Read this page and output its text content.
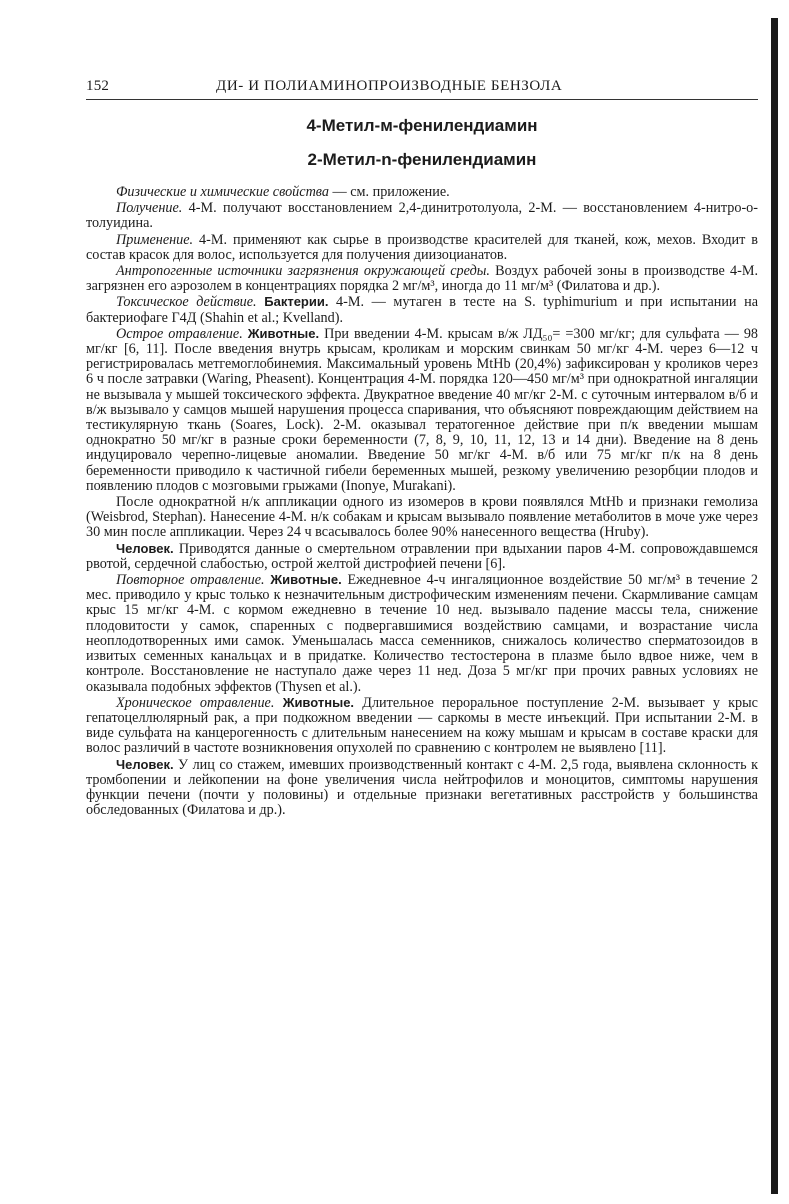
152	ДИ- И ПОЛИАМИНОПРОИЗВОДНЫЕ БЕНЗОЛА
4-Метил-м-фенилендиамин
2-Метил-n-фенилендиамин

Физические и химические свойства — см. приложение.

Получение. 4-М. получают восстановлением 2,4-динитротолуола, 2-М. — восстановлением 4-нитро-о-толуидина.

Применение. 4-М. применяют как сырье в производстве красителей для тканей, кож, мехов. Входит в состав красок для волос, используется для получения диизоцианатов.

Антропогенные источники загрязнения окружающей среды. Воздух рабочей зоны в производстве 4-М. загрязнен его аэрозолем в концентрациях порядка 2 мг/м³, иногда до 11 мг/м³ (Филатова и др.).

Токсическое действие. Бактерии. 4-М. — мутаген в тесте на S. typhimurium и при испытании на бактериофаге Г4Д (Shahin et al.; Kvelland).

Острое отравление. Животные. При введении 4-М. крысам в/ж ЛД₅₀= =300 мг/кг; для сульфата — 98 мг/кг [6, 11]. После введения внутрь крысам, кроликам и морским свинкам 50 мг/кг 4-М. через 6—12 ч регистрировалась метгемоглобинемия. Максимальный уровень MtHb (20,4%) зафиксирован у кроликов через 6 ч после затравки (Waring, Pheasent). Концентрация 4-М. порядка 120—450 мг/м³ при однократной ингаляции не вызывала у мышей токсического эффекта. Двукратное введение 40 мг/кг 2-М. с суточным интервалом в/б и в/ж вызывало у самцов мышей нарушения процесса спаривания, что объясняют повреждающим действием на тестикулярную ткань (Soares, Lock). 2-М. оказывал тератогенное действие при п/к введении мышам однократно 50 мг/кг в разные сроки беременности (7, 8, 9, 10, 11, 12, 13 и 14 дни). Введение на 8 день индуцировало черепно-лицевые аномалии. Введение 50 мг/кг 4-М. в/б или 75 мг/кг п/к на 8 день беременности приводило к частичной гибели беременных мышей, резкому увеличению резорбции плодов и появлению плодов с мозговыми грыжами (Inonye, Murakani).

После однократной н/к аппликации одного из изомеров в крови появлялся MtHb и признаки гемолиза (Weisbrod, Stephan). Нанесение 4-М. н/к собакам и крысам вызывало появление метаболитов в моче уже через 30 мин после аппликации. Через 24 ч всасывалось более 90% нанесенного вещества (Hruby).

Человек. Приводятся данные о смертельном отравлении при вдыхании паров 4-М. сопровождавшемся рвотой, сердечной слабостью, острой желтой дистрофией печени [6].

Повторное отравление. Животные. Ежедневное 4-ч ингаляционное воздействие 50 мг/м³ в течение 2 мес. приводило у крыс только к незначительным дистрофическим изменениям печени. Скармливание самцам крыс 15 мг/кг 4-М. с кормом ежедневно в течение 10 нед. вызывало падение массы тела, снижение плодовитости у самок, спаренных с подвергавшимися воздействию самцами, и возрастание числа неоплодотворенных ими самок. Уменьшалась масса семенников, снижалось количество сперматозоидов в извитых семенных канальцах и в придатке. Количество тестостерона в плазме было вдвое ниже, чем в контроле. Восстановление не наступало даже через 11 нед. Доза 5 мг/кг при прочих равных условиях не оказывала подобных эффектов (Thysen et al.).

Хроническое отравление. Животные. Длительное пероральное поступление 2-М. вызывает у крыс гепатоцеллюлярный рак, а при подкожном введении — саркомы в месте инъекций. При испытании 2-М. в виде сульфата на канцерогенность с длительным нанесением на кожу мышам и крысам в составе краски для волос различий в частоте возникновения опухолей по сравнению с контролем не выявлено [11].

Человек. У лиц со стажем, имевших производственный контакт с 4-М. 2,5 года, выявлена склонность к тромбопении и лейкопении на фоне увеличения числа нейтрофилов и моноцитов, симптомы нарушения функции печени (почти у половины) и отдельные признаки вегетативных расстройств у большинства обследованных (Филатова и др.).
